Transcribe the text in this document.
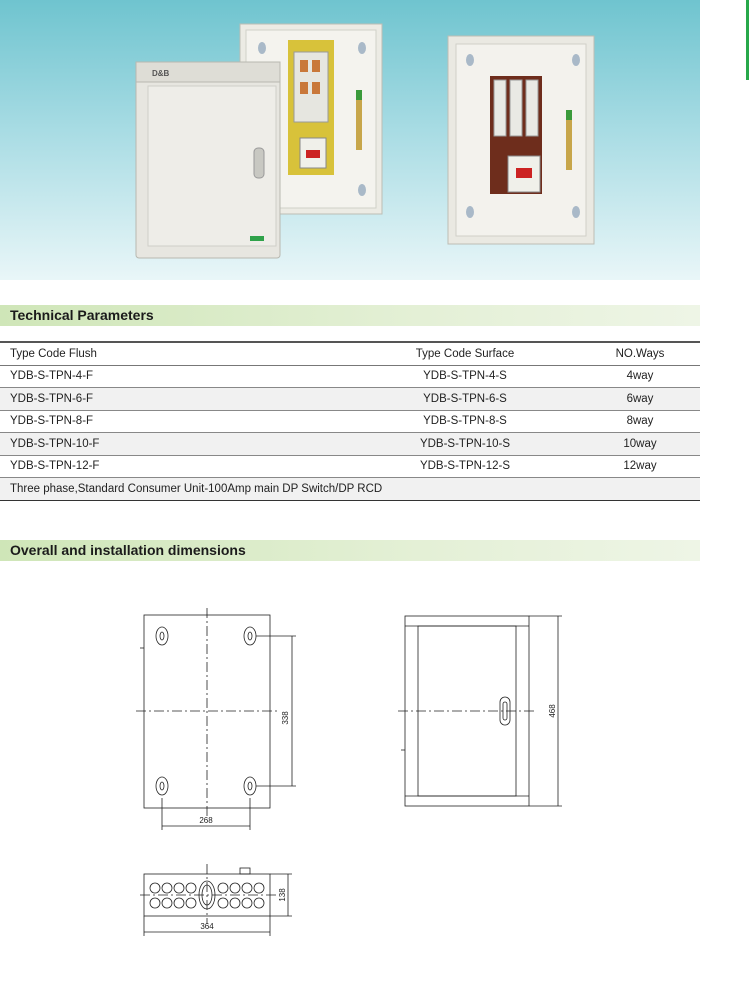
D&B
Technical Parameters
Type Code Flush	Type Code Surface	NO.Ways
YDB-S-TPN-4-F	YDB-S-TPN-4-S	4way
YDB-S-TPN-6-F	YDB-S-TPN-6-S	6way
YDB-S-TPN-8-F	YDB-S-TPN-8-S	8way
YDB-S-TPN-10-F	YDB-S-TPN-10-S	10way
YDB-S-TPN-12-F	YDB-S-TPN-12-S	12way
Three phase,Standard Consumer Unit-100Amp main DP Switch/DP RCD		
Overall and installation dimensions
338
268
468
138
364
